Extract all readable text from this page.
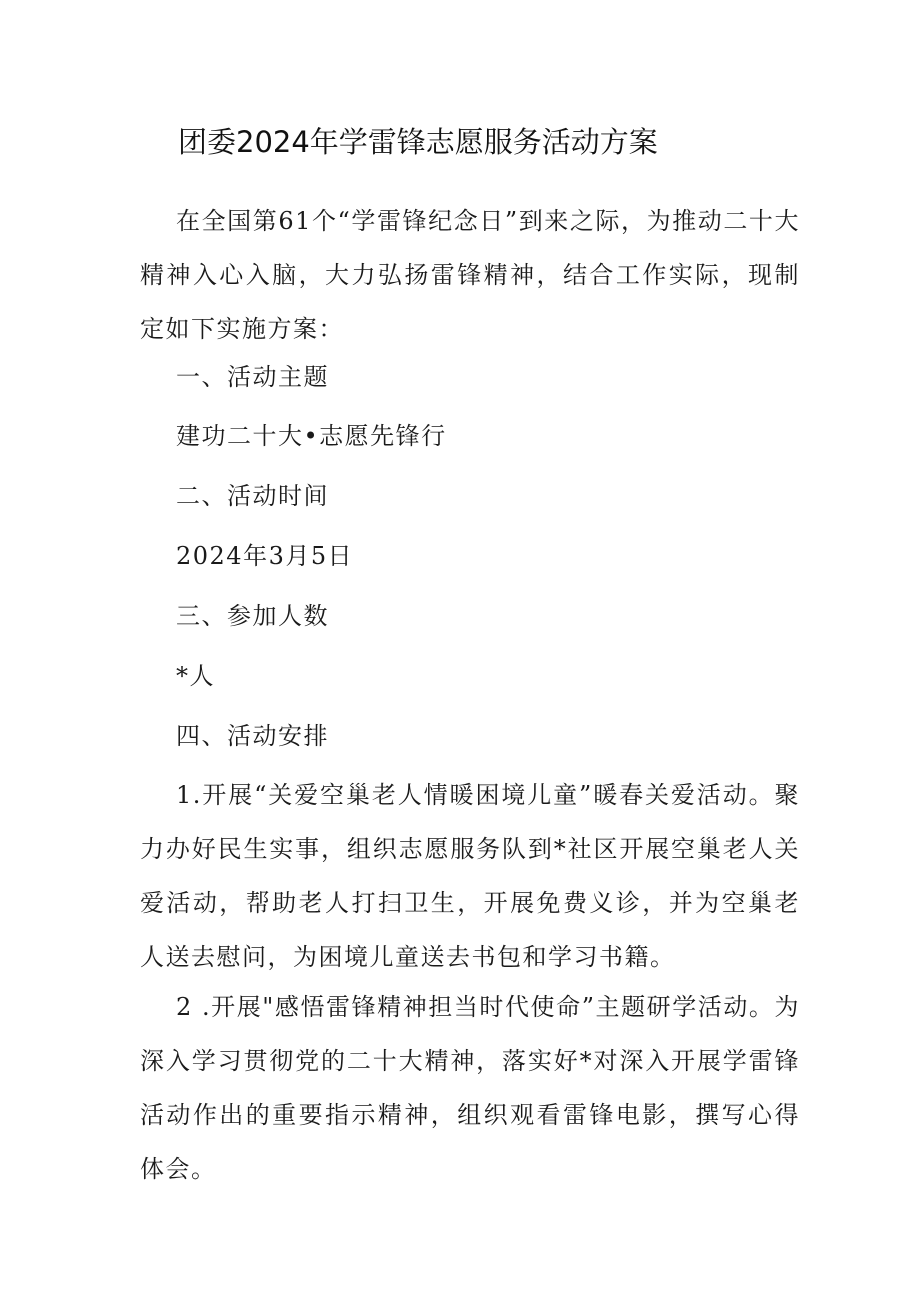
团委2024年学雷锋志愿服务活动方案

在全国第61个“学雷锋纪念日”到来之际，为推动二十大精神入心入脑，大力弘扬雷锋精神，结合工作实际，现制定如下实施方案：

一、活动主题

建功二十大•志愿先锋行

二、活动时间

2024年3月5日

三、参加人数

*人

四、活动安排

1.开展“关爱空巢老人情暖困境儿童”暖春关爱活动。聚力办好民生实事，组织志愿服务队到*社区开展空巢老人关爱活动，帮助老人打扫卫生，开展免费义诊，并为空巢老人送去慰问，为困境儿童送去书包和学习书籍。

2 .开展"感悟雷锋精神担当时代使命”主题研学活动。为深入学习贯彻党的二十大精神，落实好*对深入开展学雷锋活动作出的重要指示精神，组织观看雷锋电影，撰写心得体会。
